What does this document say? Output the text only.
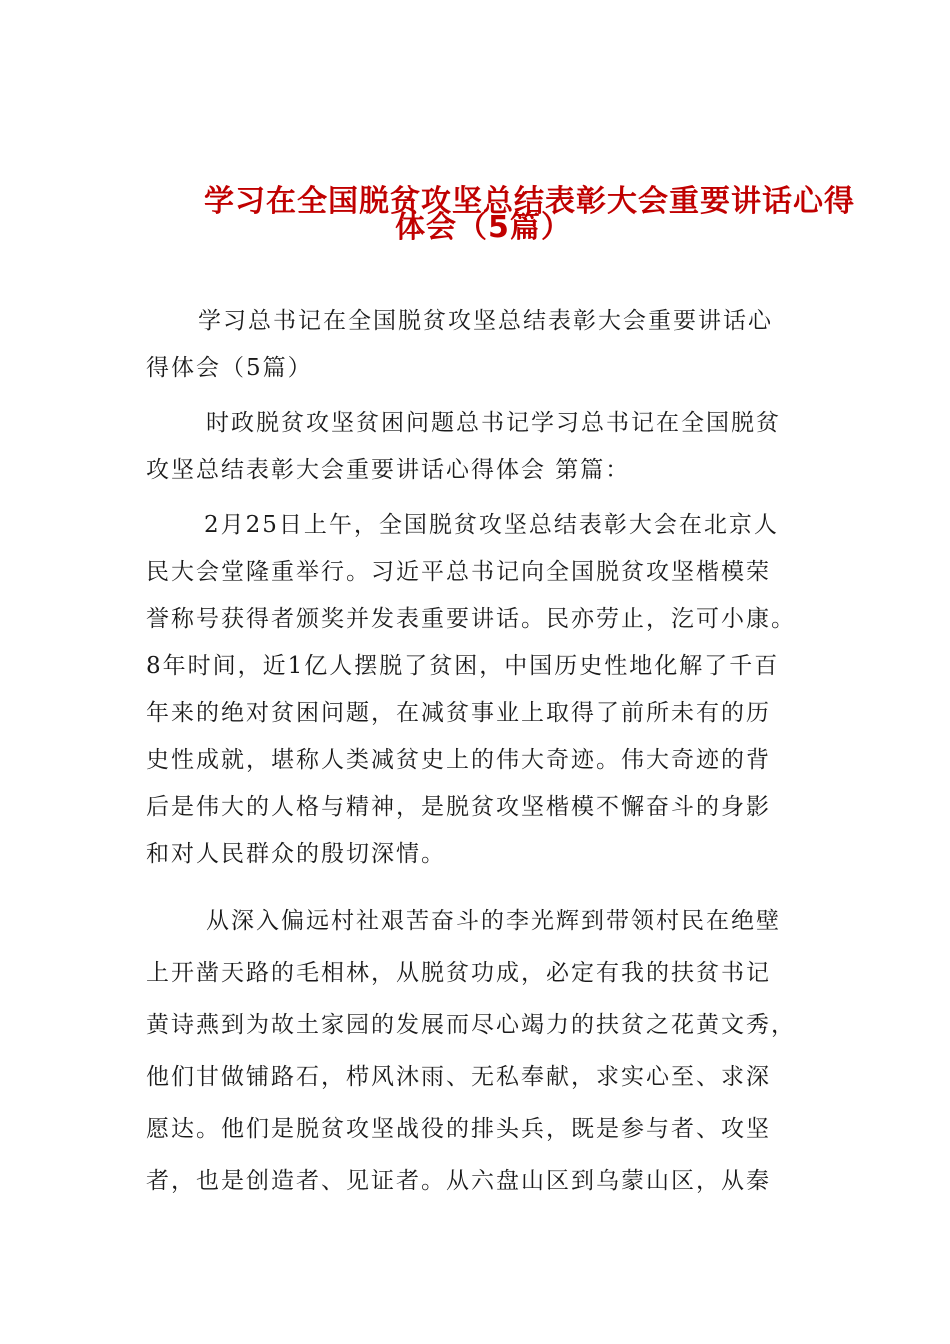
学习在全国脱贫攻坚总结表彰大会重要讲话心得
体会（5篇）
学习总书记在全国脱贫攻坚总结表彰大会重要讲话心
得体会（5篇）
时政脱贫攻坚贫困问题总书记学习总书记在全国脱贫
攻坚总结表彰大会重要讲话心得体会 第篇：
2月25日上午，全国脱贫攻坚总结表彰大会在北京人
民大会堂隆重举行。习近平总书记向全国脱贫攻坚楷模荣
誉称号获得者颁奖并发表重要讲话。民亦劳止，汔可小康。
8年时间，近1亿人摆脱了贫困，中国历史性地化解了千百
年来的绝对贫困问题，在减贫事业上取得了前所未有的历
史性成就，堪称人类减贫史上的伟大奇迹。伟大奇迹的背
后是伟大的人格与精神，是脱贫攻坚楷模不懈奋斗的身影
和对人民群众的殷切深情。
从深入偏远村社艰苦奋斗的李光辉到带领村民在绝壁
上开凿天路的毛相林，从脱贫功成，必定有我的扶贫书记
黄诗燕到为故土家园的发展而尽心竭力的扶贫之花黄文秀，
他们甘做铺路石，栉风沐雨、无私奉献，求实心至、求深
愿达。他们是脱贫攻坚战役的排头兵，既是参与者、攻坚
者，也是创造者、见证者。从六盘山区到乌蒙山区，从秦
